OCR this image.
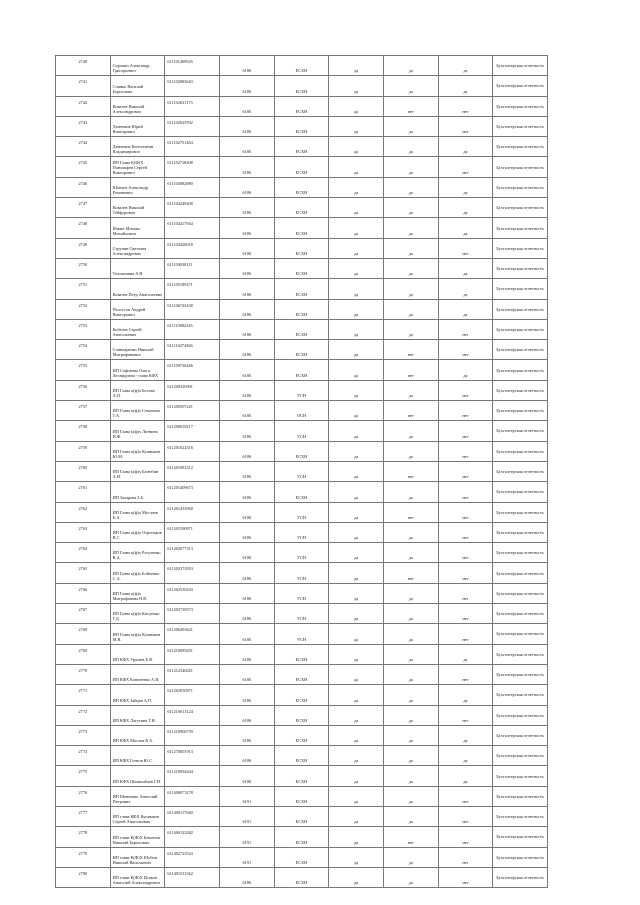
2740	Сорокин Александр Григорьевич	611101409635	6186	ЕСХН	да	да	да	Бухгалтерская отчетность
2741	Слинко Василий Борисович	611102003643	6186	ЕСХН	да	да	да	Бухгалтерская отчетность
2742	Ковалев Николай Александрович	611102631173	6186	ЕСХН	да	нет	нет	Бухгалтерская отчетность
2743	Деменков Юрий Викторович	611102635592	6186	ЕСХН	да	да	нет	Бухгалтерская отчетность
2744	Деменков Константин Владимирович	611102751464	6186	ЕСХН	да	да	да	Бухгалтерская отчетность
2745	ИП Глава К(Ф)Х Пономарев Сергей Викторович	611102718408	6186	ЕСХН	да	да	нет	Бухгалтерская отчетность
2746	Шевчук Александр Романович	611104082880	6186	ЕСХН	да	да	да	Бухгалтерская отчетность
2747	Ковалев Николай Тейфурович	611104249408	6186	ЕСХН	да	да	да	Бухгалтерская отчетность
2748	Ичкин Михаил Михайлович	611104417944	6186	ЕСХН	да	да	да	Бухгалтерская отчетность
2749	Стручин Светлана Александровна	611104420018	6186	ЕСХН	да	да	нет	Бухгалтерская отчетность
2750	Толоконина А.Н	611104938211	6186	ЕСХН	да	да	да	Бухгалтерская отчетность
2751	Ковалев Петр Анатольевич	611105189471	6186	ЕСХН	да	да	да	Бухгалтерская отчетность
2752	Полтусов Андрей Викторович	611106743438	6186	ЕСХН	да	да	да	Бухгалтерская отчетность
2753	Кобелев Сергей Анатольевич	611110082345	6186	ЕСХН	да	да	нет	Бухгалтерская отчетность
2754	Слинчаренко Николай Митрофанович	611110274366	6186	ЕСХН	да	нет	нет	Бухгалтерская отчетность
2755	ИП Сафонова Ольга Леонидовна - глава КФХ	611109736446	6186	ЕСХН	да	нет	да	Бухгалтерская отчетность
2756	ИП Глава к(ф)х Белова А.П.	611200320901	6186	УСН	да	да	нет	Бухгалтерская отчетность
2757	ИП Глава к(ф)х Семенова Т.А.	611200507221	6186	ОСН	да	нет	нет	Бухгалтерская отчетность
2758	ИП Глава к(ф)х Литвина Н.Ф.	611200818217	6186	УСН	да	да	нет	Бухгалтерская отчетность
2759	ИП Глава к(ф)х Кушнаков Ю.М.	611201022516	6186	ЕСХН	да	да	нет	Бухгалтерская отчетность
2760	ИП Глава к(ф)х Батюбин А.И.	611201081512	6186	УСН	да	нет	нет	Бухгалтерская отчетность
2761	ИП Захарова З.Б.	611201409673	6186	ЕСХН	да	да	нет	Бухгалтерская отчетность
2762	ИП Глава к(ф)х Муслаев Е.А.	611201433960	6186	УСН	да	нет	нет	Бухгалтерская отчетность
2763	ИП Глава к(ф)х Отроньков В.С.	611201590971	6186	УСН	да	да	нет	Бухгалтерская отчетность
2764	ИП Глава к(ф)х Рогуленко В.А.	611202077313	6186	УСН	да	да	нет	Бухгалтерская отчетность
2765	ИП Глава к(ф)х Бойченко С.А.	611202372953	6186	УСН	да	нет	нет	Бухгалтерская отчетность
2766	ИП Глава к(ф)х Митрофанова Н.В.	611202539243	6186	УСН	да	да	нет	Бухгалтерская отчетность
2767	ИП Глава к(ф)х Кисунько Г.Д.	611203739573	6186	УСН	да	да	нет	Бухгалтерская отчетность
2768	ИП Глава к(ф)х Кушнаков М.В.	611206493621	6186	УСН	да	да	нет	Бухгалтерская отчетность
2769	ИП КФХ Уразаев Е.В.	611210085651	6186	ЕСХН	да	да	да	Бухгалтерская отчетность
2770	ИП КФХ Кононенко А.Я.	611212346021	6186	ЕСХН	да	да	нет	Бухгалтерская отчетность
2771	ИП КФХ Зайцев А.П.	611202050971	6186	ЕСХН	да	да	да	Бухгалтерская отчетность
2772	ИП КФХ Лагутина Т.Н.	611210613124	6186	ЕСХН	да	да	нет	Бухгалтерская отчетность
2773	ИП КФХ Маслов В.А.	611210906759	6186	ЕСХН	да	да	да	Бухгалтерская отчетность
2774	ИП КФХ Гонтов Ю.С.	611270001913	6186	ЕСХН	да	да	да	Бухгалтерская отчетность
2775	ИП КФХ Шамшибаев Г.Н.	611210094444	6186	ЕСХН	да	да	да	Бухгалтерская отчетность
2776	ИП Шевченко Анатолий Петрович	611400073278	6191	ЕСХН	да	да	нет	Бухгалтерская отчетность
2777	ИП глава КФХ Кушнаков Сергей Анатольевич	611400117640	6191	ЕСХН	да	да	нет	Бухгалтерская отчетность
2778	ИП глава К(Ф)Х Бешенов Николай Борисович	611400123382	6191	ЕСХН	да	нет	нет	Бухгалтерская отчетность
2779	ИП глава К(Ф)Х Шубин Николай Васильевич	611402723523	6191	ЕСХН	да	да	нет	Бухгалтерская отчетность
2780	ИП глава К(Ф)Х Исаков Анатолий Александрович	611401531562	6186	ЕСХН	да	да	нет	Бухгалтерская отчетность
